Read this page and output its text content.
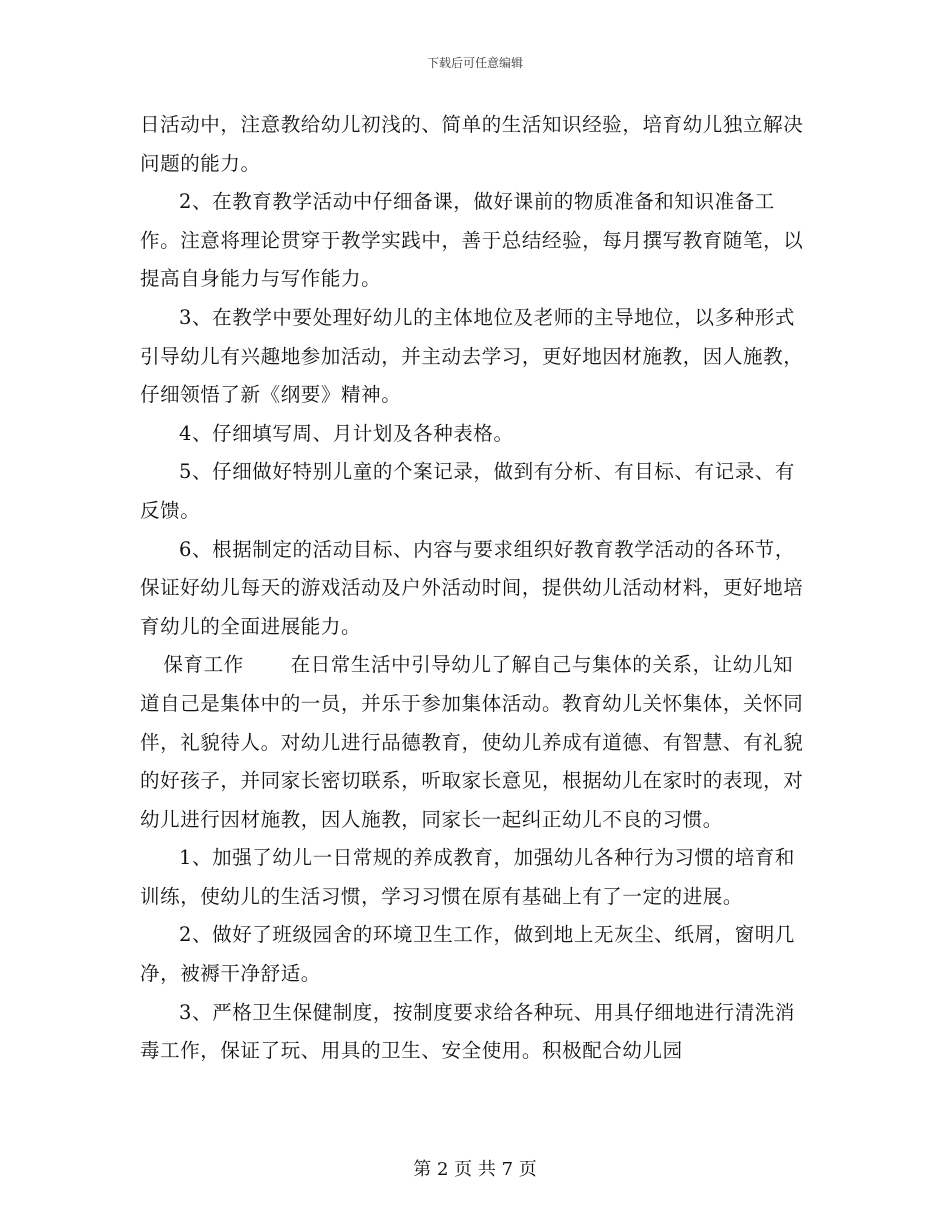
下载后可任意编辑

日活动中，注意教给幼儿初浅的、简单的生活知识经验，培育幼儿独立解决问题的能力。

2、在教育教学活动中仔细备课，做好课前的物质准备和知识准备工作。注意将理论贯穿于教学实践中，善于总结经验，每月撰写教育随笔，以提高自身能力与写作能力。

3、在教学中要处理好幼儿的主体地位及老师的主导地位，以多种形式引导幼儿有兴趣地参加活动，并主动去学习，更好地因材施教，因人施教，仔细领悟了新《纲要》精神。

4、仔细填写周、月计划及各种表格。

5、仔细做好特别儿童的个案记录，做到有分析、有目标、有记录、有反馈。

6、根据制定的活动目标、内容与要求组织好教育教学活动的各环节，保证好幼儿每天的游戏活动及户外活动时间，提供幼儿活动材料，更好地培育幼儿的全面进展能力。

保育工作 在日常生活中引导幼儿了解自己与集体的关系，让幼儿知道自己是集体中的一员，并乐于参加集体活动。教育幼儿关怀集体，关怀同伴，礼貌待人。对幼儿进行品德教育，使幼儿养成有道德、有智慧、有礼貌的好孩子，并同家长密切联系，听取家长意见，根据幼儿在家时的表现，对幼儿进行因材施教，因人施教，同家长一起纠正幼儿不良的习惯。

1、加强了幼儿一日常规的养成教育，加强幼儿各种行为习惯的培育和训练，使幼儿的生活习惯，学习习惯在原有基础上有了一定的进展。

2、做好了班级园舍的环境卫生工作，做到地上无灰尘、纸屑，窗明几净，被褥干净舒适。

3、严格卫生保健制度，按制度要求给各种玩、用具仔细地进行清洗消毒工作，保证了玩、用具的卫生、安全使用。积极配合幼儿园

第 2 页 共 7 页
